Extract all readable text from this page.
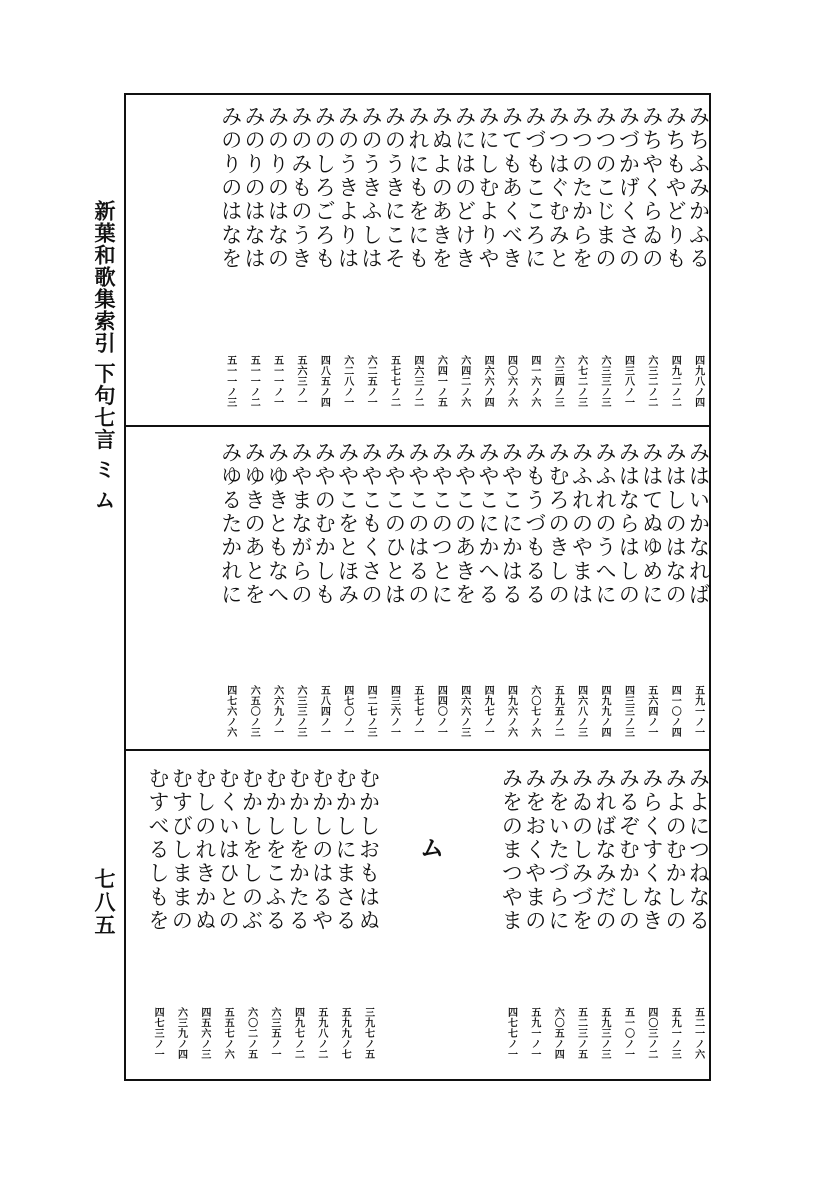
新葉和歌集索引 下句七言 ミ ム
七八五
みちふみかふる
四九八ノ四
みちもやどりも
四九二ノ二
みちやくらゐの
六三二ノ二
みづかげくさの
四三八ノ一
みつのこじまの
六三三ノ三
みつのたからを
六七二ノ三
みつはぐむみと
六三四ノ三
みづもこころに
四一六ノ六
みてもあくべき
四〇六ノ六
みにしむよりや
四六六ノ四
みにはのどけき
六四二ノ六
みぬよのあきを
六四一ノ五
みれにもをにも
四六三ノ二
みのうきにこそ
五七七ノ二
みのうきふしは
六二五ノ一
みのうきよりは
六二八ノ一
みのしろごろも
四八五ノ四
みのみものうき
五六三ノ一
みのりのはなの
五一一ノ一
みのりのはなは
五一一ノ二
みのりのはなを
五一一ノ三
みはいかなれば
五九一ノ一
みはしのはなの
四一〇ノ四
みはてぬゆめに
五六四ノ一
みはならはしの
四三三ノ三
みふれのうへに
四九九ノ四
みふれのやまは
四六八ノ三
みむろのきしの
五九五ノ二
みもうづもるる
六〇七ノ六
みやこにかはる
四九六ノ六
みやこにかへる
四九七ノ一
みやこのあきを
四六六ノ三
みやこのつとに
四四〇ノ一
みやこのはるの
五七七ノ一
みやこのひとは
四三六ノ一
みやこもくさの
四二七ノ三
みやこをとほみ
四七〇ノ一
みやのむかしも
五八四ノ一
みやまながらの
六三三ノ三
みゆきともなへ
六六九ノ一
みゆきのあとを
六五〇ノ三
みゆるたかれに
四七六ノ六
みよにつねなる
五二一ノ六
みよのむかしの
五九一ノ三
みらくすくなき
四〇三ノ二
みるぞむかしの
五一〇ノ一
みればなみだの
五九三ノ三
みゐのしみづを
五二三ノ五
みをいたづらに
六〇五ノ四
みをおくやまの
五九一ノ一
みをのまつやま
四七七ノ一
ム
むかしおもはぬ
三九七ノ五
むかしにまさる
五九九ノ七
むかしのはるや
五九八ノ二
むかしをかたる
四九七ノ二
むかしをこふる
六三五ノ一
むかしをしのぶ
六〇二ノ五
むくいはひとの
五五七ノ六
むしのれきかぬ
四五六ノ三
むすびしままの
六三九ノ四
むすべるしもを
四七三ノ一
